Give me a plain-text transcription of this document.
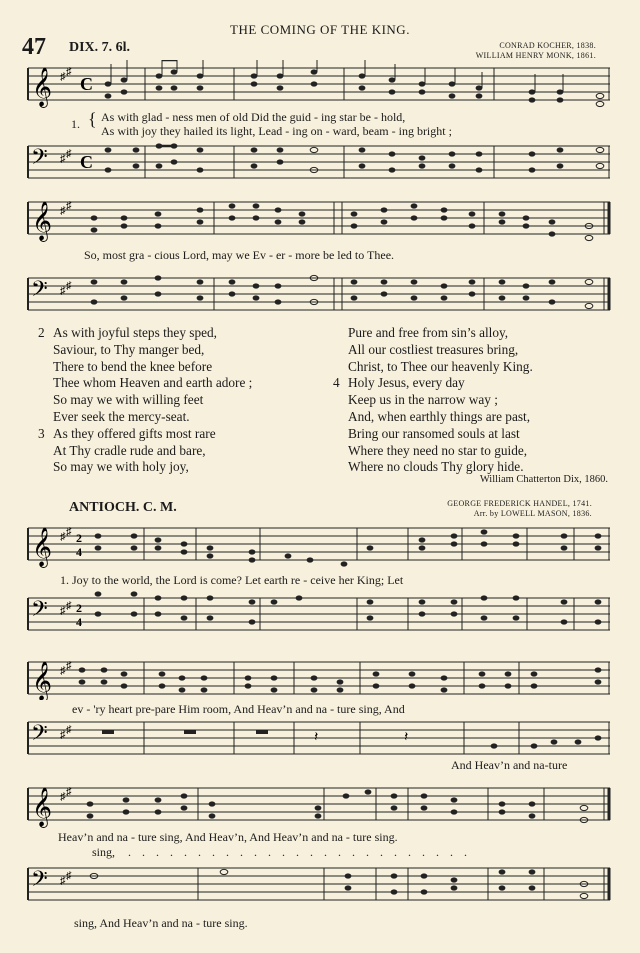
THE COMING OF THE KING.
47 DIX. 7. 6l.	CONRAD KOCHER, 1838.
WILLIAM HENRY MONK, 1861.
𝄞 ♯ ♯
C
1. { As with glad - ness men of old Did the guid - ing star be - hold,
As with joy they hailed its light, Lead - ing on - ward, beam - ing bright ;
𝄢 ♯ ♯ C
𝄞 ♯ ♯
So, most gra - cious Lord, may we Ev - er - more be led to Thee.
𝄢 ♯ ♯
2 As with joyful steps they sped,
Saviour, to Thy manger bed,
There to bend the knee before
Thee whom Heaven and earth adore ;
So may we with willing feet
Ever seek the mercy-seat.
3 As they offered gifts most rare
At Thy cradle rude and bare,
So may we with holy joy,
Pure and free from sin’s alloy,
All our costliest treasures bring,
Christ, to Thee our heavenly King.
4 Holy Jesus, every day
Keep us in the narrow way ;
And, when earthly things are past,
Bring our ransomed souls at last
Where they need no star to guide,
Where no clouds Thy glory hide.
William Chatterton Dix, 1860.
ANTIOCH. C. M.	GEORGE FREDERICK HANDEL, 1741.
Arr. by LOWELL MASON, 1836.
𝄞 ♯ ♯ 2
4
1. Joy to the world, the Lord is come? Let earth re - ceive her King; Let
𝄢 ♯ ♯ 2
4
𝄞 ♯ ♯
ev - 'ry heart pre-pare Him room, And Heav’n and na - ture sing, And
𝄢 ♯ ♯	𝄽	𝄽
And Heav’n and na-ture
𝄞 ♯ ♯
Heav’n and na - ture sing, And Heav’n, And Heav’n and na - ture sing.
sing, . . . . . . . . . . . . . . . . . . . . . . . . .
𝄢 ♯ ♯
sing, And Heav’n and na - ture sing.
